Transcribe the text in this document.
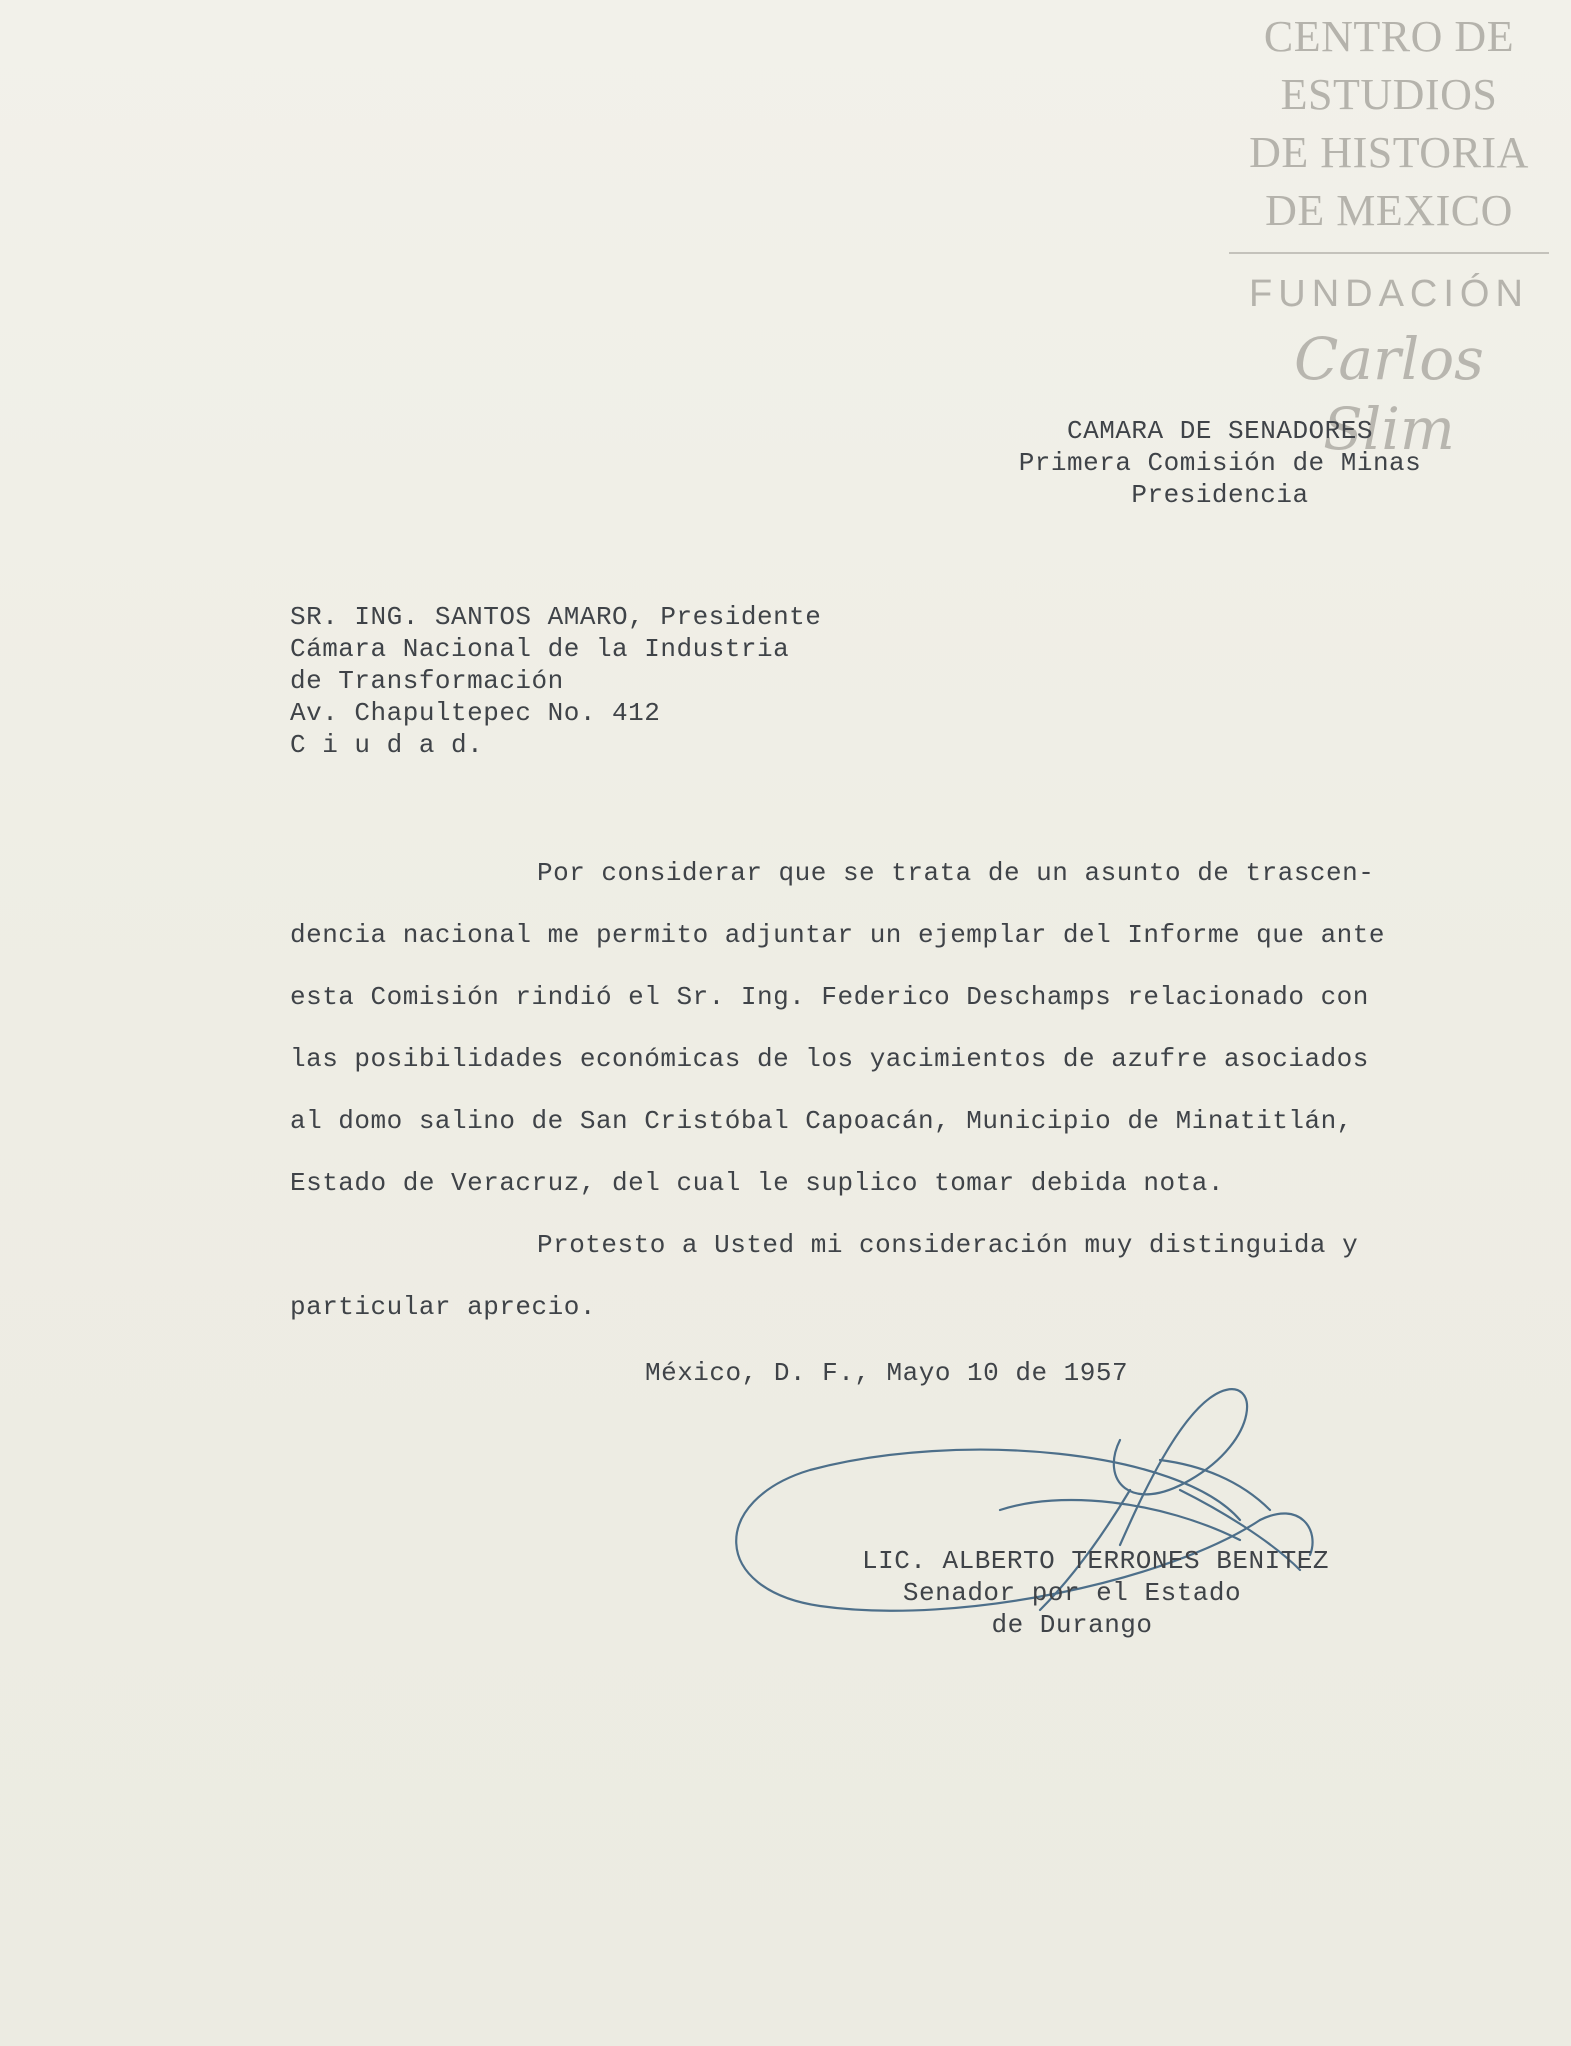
CENTRO DE
ESTUDIOS
DE HISTORIA
DE MEXICO
FUNDACIÓN
Carlos Slim
CAMARA DE SENADORES
Primera Comisión de Minas
Presidencia
SR. ING. SANTOS AMARO, Presidente
Cámara Nacional de la Industria
de Transformación
Av. Chapultepec No. 412
C i u d a d.
Por considerar que se trata de un asunto de trascen-
dencia nacional me permito adjuntar un ejemplar del Informe que ante
esta Comisión rindió el Sr. Ing. Federico Deschamps relacionado con
las posibilidades económicas de los yacimientos de azufre asociados
al domo salino de San Cristóbal Capoacán, Municipio de Minatitlán,
Estado de Veracruz, del cual le suplico tomar debida nota.
Protesto a Usted mi consideración muy distinguida y
particular aprecio.
México, D. F., Mayo 10 de 1957
LIC. ALBERTO TERRONES BENITEZ
Senador por el Estado
de Durango
